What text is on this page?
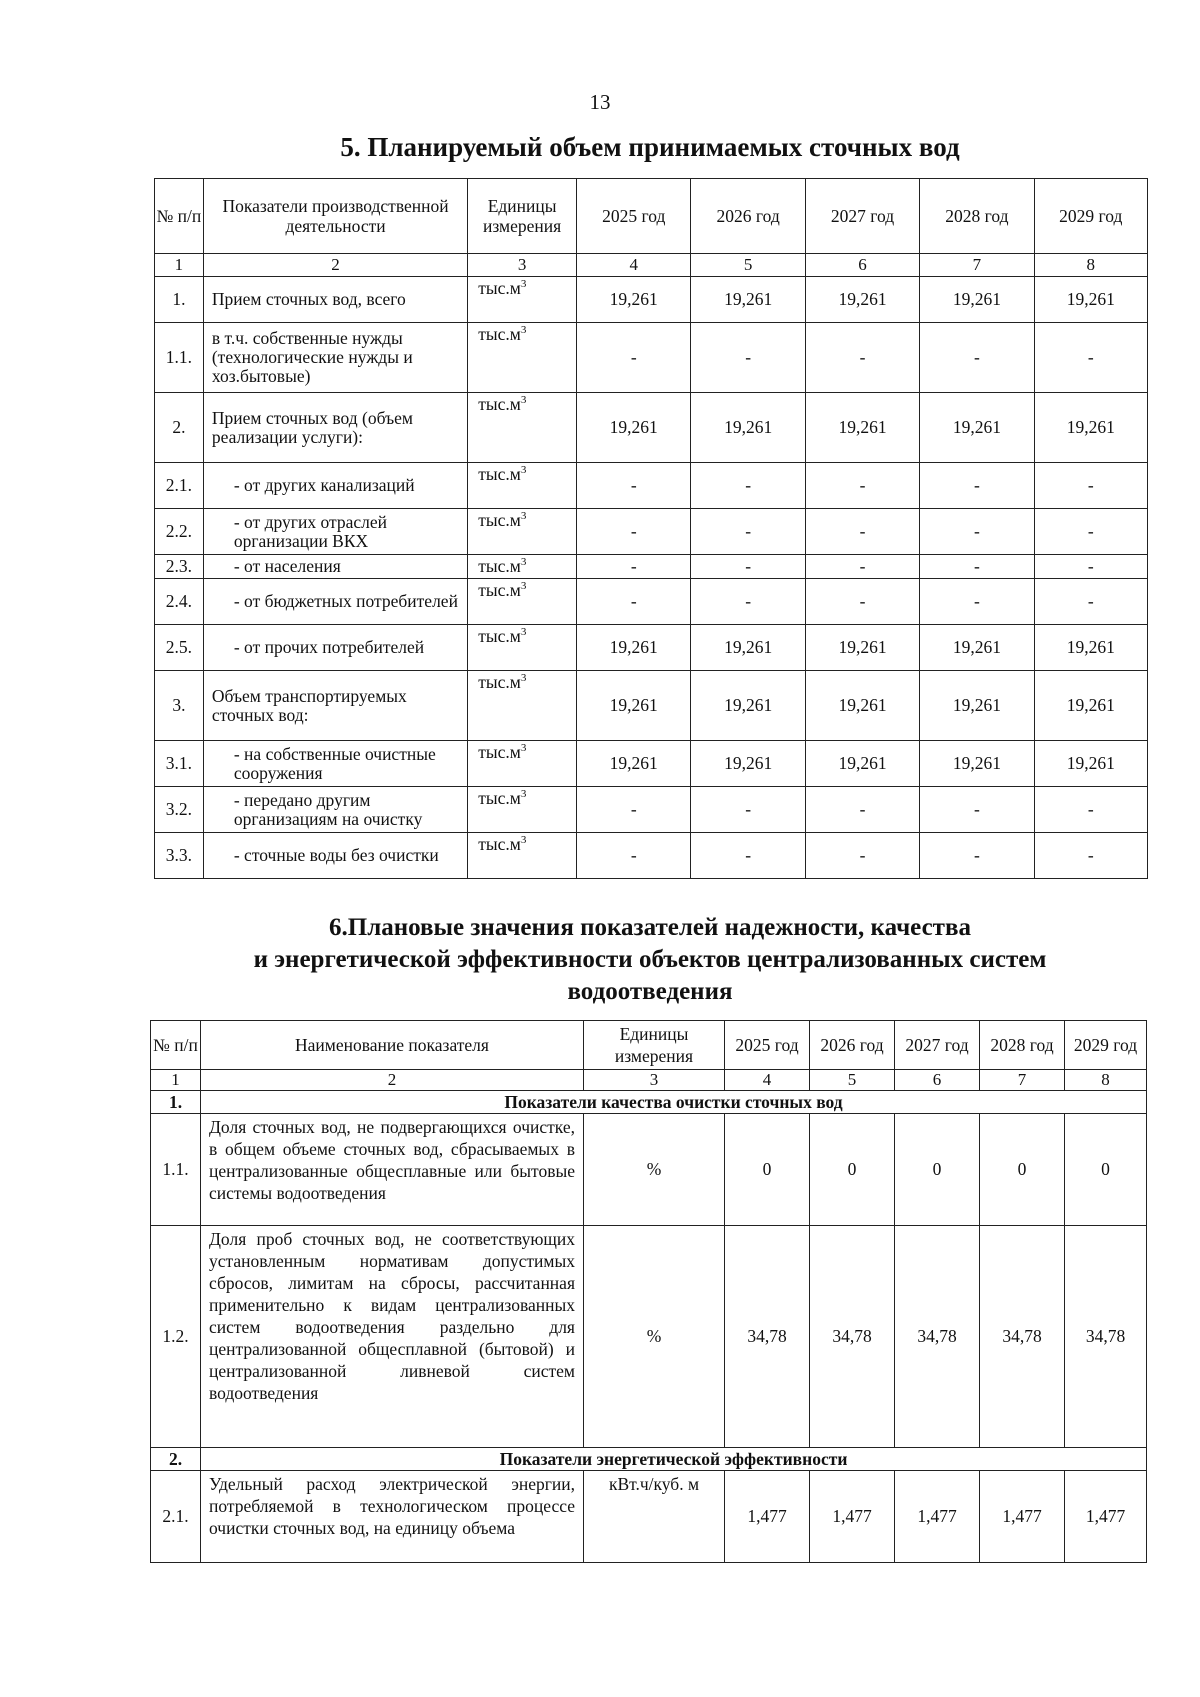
13
5. Планируемый объем принимаемых сточных вод
№ п/п	Показатели производственной деятельности	Единицы измерения	2025 год	2026 год	2027 год	2028 год	2029 год
1	2	3	4	5	6	7	8
1.	Прием сточных вод, всего	$тыс.м^3$	19,261	19,261	19,261	19,261	19,261
1.1.	в т.ч. собственные нужды (технологические нужды и хоз.бытовые)	$тыс.м^3$	-	-	-	-	-
2.	Прием сточных вод (объем реализации услуги):	$тыс.м^3$	19,261	19,261	19,261	19,261	19,261
2.1.	- от других канализаций	$тыс.м^3$	-	-	-	-	-
2.2.	- от других отраслей организации ВКХ	$тыс.м^3$	-	-	-	-	-
2.3.	- от населения	$тыс.м^3$	-	-	-	-	-
2.4.	- от бюджетных потребителей	$тыс.м^3$	-	-	-	-	-
2.5.	- от прочих потребителей	$тыс.м^3$	19,261	19,261	19,261	19,261	19,261
3.	Объем транспортируемых сточных вод:	$тыс.м^3$	19,261	19,261	19,261	19,261	19,261
3.1.	- на собственные очистные сооружения	$тыс.м^3$	19,261	19,261	19,261	19,261	19,261
3.2.	- передано другим организациям на очистку	$тыс.м^3$	-	-	-	-	-
3.3.	- сточные воды без очистки	$тыс.м^3$	-	-	-	-	-
6.Плановые значения показателей надежности, качества
и энергетической эффективности объектов централизованных систем
водоотведения
№ п/п	Наименование показателя	Единицы измерения	2025 год	2026 год	2027 год	2028 год	2029 год
1	2	3	4	5	6	7	8
1.	Показатели качества очистки сточных вод						
1.1.	Доля сточных вод, не подвергающихся очистке, в общем объеме сточных вод, сбрасываемых в централизованные общесплавные или бытовые системы водоотведения	%	0	0	0	0	0
1.2.	Доля проб сточных вод, не соответствующих установленным нормативам допустимых сбросов, лимитам на сбросы, рассчитанная применительно к видам централизованных систем водоотведения раздельно для централизованной общесплавной (бытовой) и централизованной ливневой систем водоотведения	%	34,78	34,78	34,78	34,78	34,78
2.	Показатели энергетической эффективности						
2.1.	Удельный расход электрической энергии, потребляемой в технологическом процессе очистки сточных вод, на единицу объема	кВт.ч/куб. м	1,477	1,477	1,477	1,477	1,477
